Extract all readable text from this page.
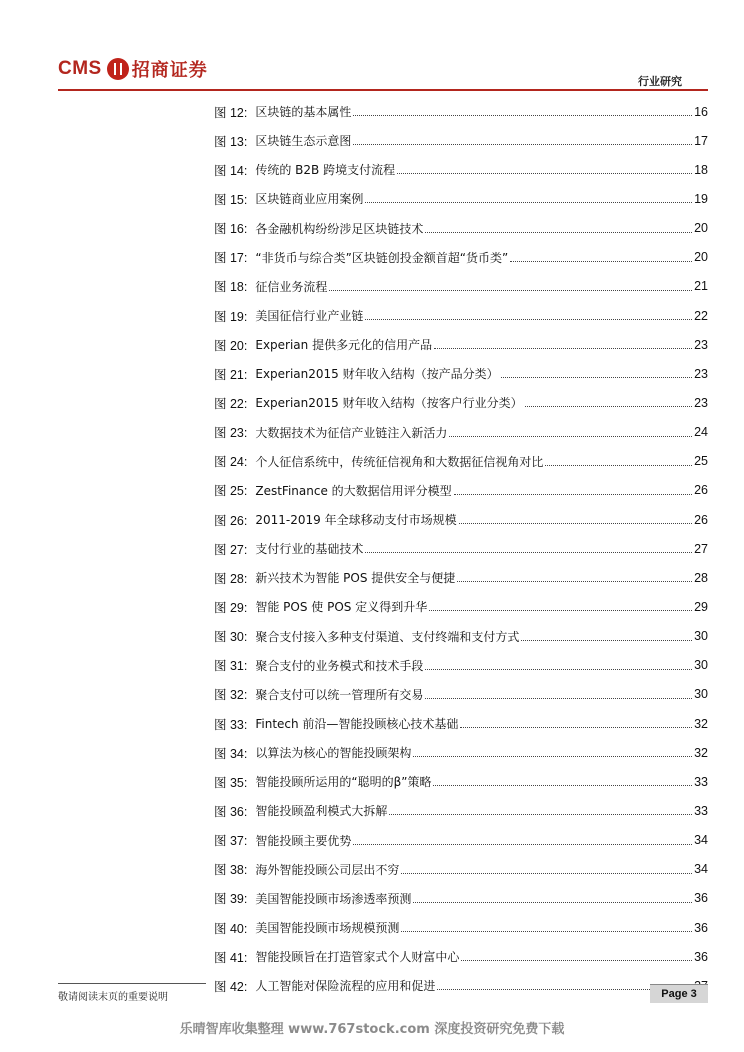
CMS 招商证券
行业研究
图 12: 区块链的基本属性	16
图 13: 区块链生态示意图	17
图 14: 传统的 B2B 跨境支付流程	18
图 15: 区块链商业应用案例	19
图 16: 各金融机构纷纷涉足区块链技术	20
图 17: “非货币与综合类”区块链创投金额首超“货币类”	20
图 18: 征信业务流程	21
图 19: 美国征信行业产业链	22
图 20: Experian 提供多元化的信用产品	23
图 21: Experian2015 财年收入结构（按产品分类）	23
图 22: Experian2015 财年收入结构（按客户行业分类）	23
图 23: 大数据技术为征信产业链注入新活力	24
图 24: 个人征信系统中，传统征信视角和大数据征信视角对比	25
图 25: ZestFinance 的大数据信用评分模型	26
图 26: 2011-2019 年全球移动支付市场规模	26
图 27: 支付行业的基础技术	27
图 28: 新兴技术为智能 POS 提供安全与便捷	28
图 29: 智能 POS 使 POS 定义得到升华	29
图 30: 聚合支付接入多种支付渠道、支付终端和支付方式	30
图 31: 聚合支付的业务模式和技术手段	30
图 32: 聚合支付可以统一管理所有交易	30
图 33: Fintech 前沿—智能投顾核心技术基础	32
图 34: 以算法为核心的智能投顾架构	32
图 35: 智能投顾所运用的“聪明的β”策略	33
图 36: 智能投顾盈利模式大拆解	33
图 37: 智能投顾主要优势	34
图 38: 海外智能投顾公司层出不穷	34
图 39: 美国智能投顾市场渗透率预测	36
图 40: 美国智能投顾市场规模预测	36
图 41: 智能投顾旨在打造管家式个人财富中心	36
图 42: 人工智能对保险流程的应用和促进
敬请阅读末页的重要说明	Page 3
乐晴智库收集整理 www.767stock.com 深度投资研究免费下载
